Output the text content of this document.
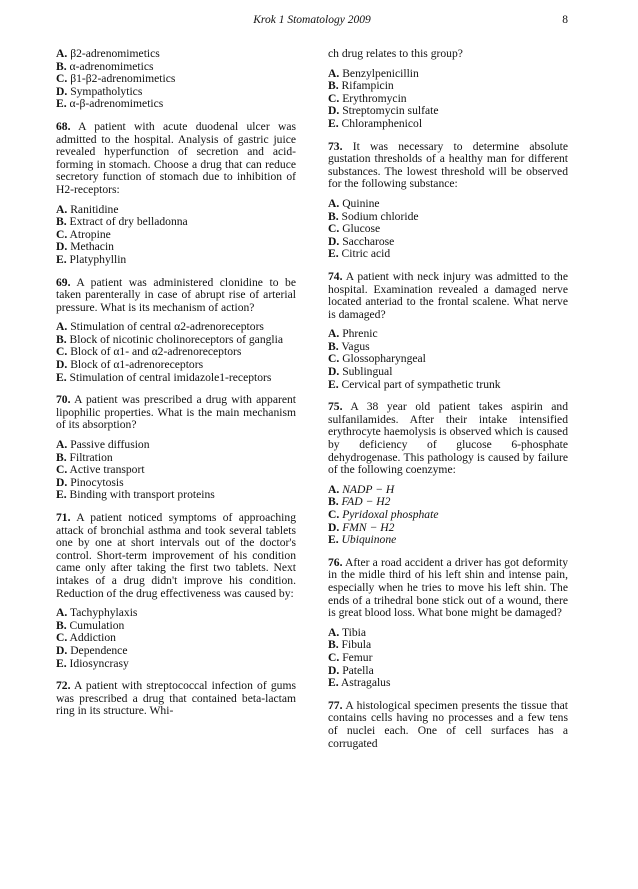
Krok 1 Stomatology 2009	8
A. β2-adrenomimetics
B. α-adrenomimetics
C. β1-β2-adrenomimetics
D. Sympatholytics
E. α-β-adrenomimetics
68. A patient with acute duodenal ulcer was admitted to the hospital. Analysis of gastric juice revealed hyperfunction of secretion and acid-forming in stomach. Choose a drug that can reduce secretory function of stomach due to inhibition of H2-receptors:
A. Ranitidine
B. Extract of dry belladonna
C. Atropine
D. Methacin
E. Platyphyllin
69. A patient was administered clonidine to be taken parenterally in case of abrupt rise of arterial pressure. What is its mechanism of action?
A. Stimulation of central α2-adrenoreceptors
B. Block of nicotinic cholinoreceptors of ganglia
C. Block of α1- and α2-adrenoreceptors
D. Block of α1-adrenoreceptors
E. Stimulation of central imidazole1-receptors
70. A patient was prescribed a drug with apparent lipophilic properties. What is the main mechanism of its absorption?
A. Passive diffusion
B. Filtration
C. Active transport
D. Pinocytosis
E. Binding with transport proteins
71. A patient noticed symptoms of approaching attack of bronchial asthma and took several tablets one by one at short intervals out of the doctor's control. Short-term improvement of his condition came only after taking the first two tablets. Next intakes of a drug didn't improve his condition. Reduction of the drug effectiveness was caused by:
A. Tachyphylaxis
B. Cumulation
C. Addiction
D. Dependence
E. Idiosyncrasy
72. A patient with streptococcal infection of gums was prescribed a drug that contained beta-lactam ring in its structure. Whi-
ch drug relates to this group?
A. Benzylpenicillin
B. Rifampicin
C. Erythromycin
D. Streptomycin sulfate
E. Chloramphenicol
73. It was necessary to determine absolute gustation thresholds of a healthy man for different substances. The lowest threshold will be observed for the following substance:
A. Quinine
B. Sodium chloride
C. Glucose
D. Saccharose
E. Citric acid
74. A patient with neck injury was admitted to the hospital. Examination revealed a damaged nerve located anteriad to the frontal scalene. What nerve is damaged?
A. Phrenic
B. Vagus
C. Glossopharyngeal
D. Sublingual
E. Cervical part of sympathetic trunk
75. A 38 year old patient takes aspirin and sulfanilamides. After their intake intensified erythrocyte haemolysis is observed which is caused by deficiency of glucose 6-phosphate dehydrogenase. This pathology is caused by failure of the following coenzyme:
A. NADP − H
B. FAD − H2
C. Pyridoxal phosphate
D. FMN − H2
E. Ubiquinone
76. After a road accident a driver has got deformity in the midle third of his left shin and intense pain, especially when he tries to move his left shin. The ends of a trihedral bone stick out of a wound, there is great blood loss. What bone might be damaged?
A. Tibia
B. Fibula
C. Femur
D. Patella
E. Astragalus
77. A histological specimen presents the tissue that contains cells having no processes and a few tens of nuclei each. One of cell surfaces has a corrugated
